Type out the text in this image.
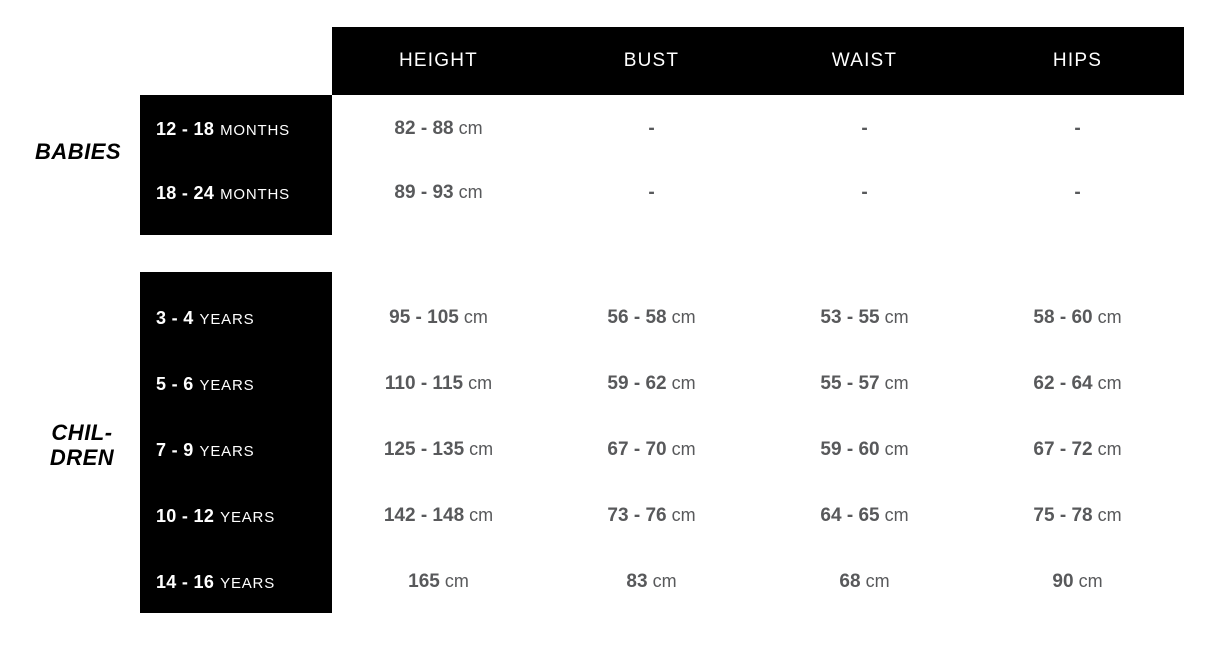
HEIGHT	BUST	WAIST	HIPS
BABIES
CHIL-
DREN
12 - 18 MONTHS	82 - 88 cm	-	-	-
18 - 24 MONTHS	89 - 93 cm	-	-	-
3 - 4 YEARS	95 - 105 cm	56 - 58 cm	53 - 55 cm	58 - 60 cm
5 - 6 YEARS	110 - 115 cm	59 - 62 cm	55 - 57 cm	62 - 64 cm
7 - 9 YEARS	125 - 135 cm	67 - 70 cm	59 - 60 cm	67 - 72 cm
10 - 12 YEARS	142 - 148 cm	73 - 76 cm	64 - 65 cm	75 - 78 cm
14 - 16 YEARS	165 cm	83 cm	68 cm	90 cm
